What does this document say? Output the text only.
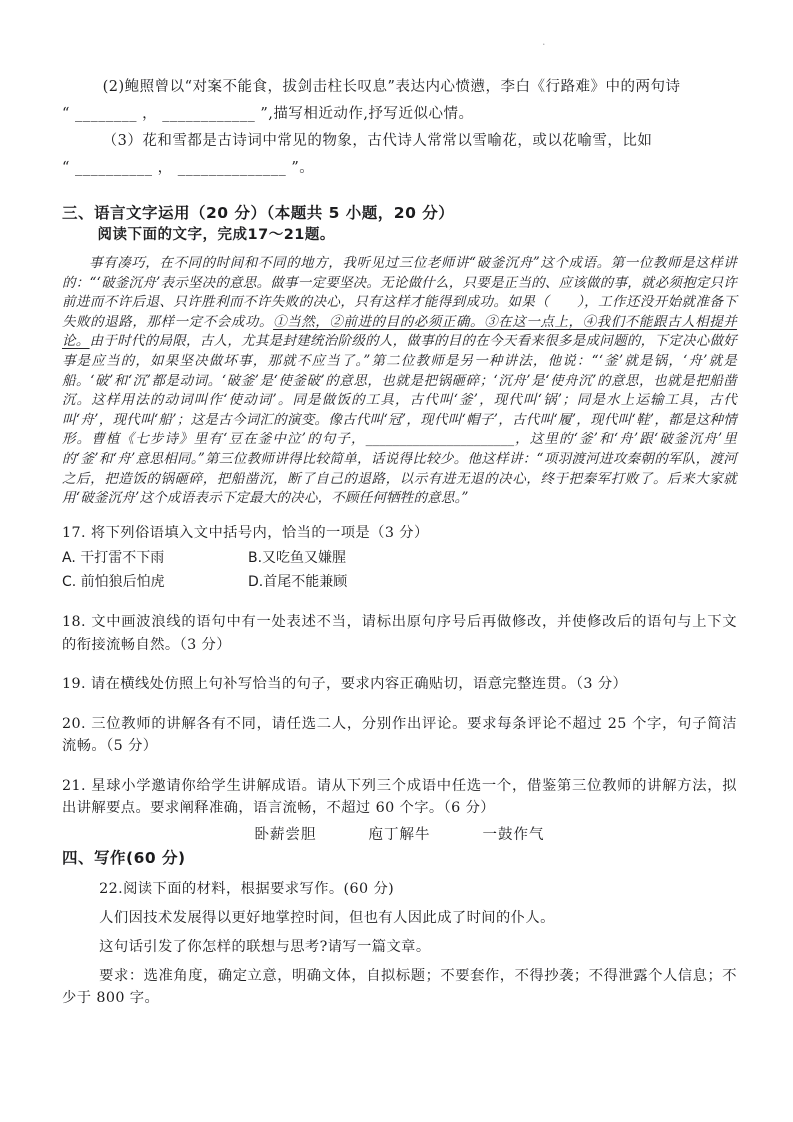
·
(2)鲍照曾以“对案不能食，拔剑击柱长叹息”表达内心愤懑，李白《行路难》中的两句诗
“ ________ ， ____________ ”,描写相近动作,抒写近似心情。
（3）花和雪都是古诗词中常见的物象，古代诗人常常以雪喻花，或以花喻雪，比如
“ __________ ， ______________ ”。
三、语言文字运用（20 分）（本题共 5 小题，20 分）
阅读下面的文字，完成17～21题。
事有凑巧，在不同的时间和不同的地方，我听见过三位老师讲“破釜沉舟”这个成语。第一位教师是这样讲的：“‘破釜沉舟’表示坚决的意思。做事一定要坚决。无论做什么，只要是正当的、应该做的事，就必须抱定只许前进而不许后退、只许胜利而不许失败的决心，只有这样才能得到成功。如果（　　），工作还没开始就准备下失败的退路，那样一定不会成功。①当然，②前进的目的必须正确。③在这一点上，④我们不能跟古人相提并论。由于时代的局限，古人，尤其是封建统治阶级的人，做事的目的在今天看来很多是成问题的，下定决心做好事是应当的，如果坚决做坏事，那就不应当了。”第二位教师是另一种讲法，他说：“‘釜’就是锅，‘舟’就是船。‘破’和‘沉’都是动词。‘破釜’是‘使釜破’的意思，也就是把锅砸碎；‘沉舟’是‘使舟沉’的意思，也就是把船凿沉。这样用法的动词叫作‘使动词’。同是做饭的工具，古代叫‘釜’，现代叫‘锅’；同是水上运输工具，古代叫‘舟’，现代叫‘船’；这是古今词汇的演变。像古代叫‘冠’，现代叫‘帽子’，古代叫‘履’，现代叫‘鞋’，都是这种情形。曹植《七步诗》里有‘豆在釜中泣’的句子，______________________，这里的‘釜’和‘舟’跟‘破釜沉舟’里的‘釜’和‘舟’意思相同。”第三位教师讲得比较简单，话说得比较少。他这样讲：“项羽渡河进攻秦朝的军队，渡河之后，把造饭的锅砸碎，把船凿沉，断了自己的退路，以示有进无退的决心，终于把秦军打败了。后来大家就用‘破釜沉舟’这个成语表示下定最大的决心，不顾任何牺牲的意思。”
17. 将下列俗语填入文中括号内，恰当的一项是（3 分）
A. 干打雷不下雨	B.又吃鱼又嫌腥
C. 前怕狼后怕虎	D.首尾不能兼顾
18. 文中画波浪线的语句中有一处表述不当，请标出原句序号后再做修改，并使修改后的语句与上下文的衔接流畅自然。（3 分）
19. 请在横线处仿照上句补写恰当的句子，要求内容正确贴切，语意完整连贯。（3 分）
20. 三位教师的讲解各有不同，请任选二人，分别作出评论。要求每条评论不超过 25 个字，句子简洁流畅。（5 分）
21. 星球小学邀请你给学生讲解成语。请从下列三个成语中任选一个，借鉴第三位教师的讲解方法，拟出讲解要点。要求阐释准确，语言流畅，不超过 60 个字。（6 分）
卧薪尝胆	庖丁解牛	一鼓作气
四、写作(60 分)
22.阅读下面的材料，根据要求写作。(60 分)
人们因技术发展得以更好地掌控时间，但也有人因此成了时间的仆人。
这句话引发了你怎样的联想与思考?请写一篇文章。
要求：选准角度，确定立意，明确文体，自拟标题；不要套作，不得抄袭；不得泄露个人信息；不少于 800 字。
